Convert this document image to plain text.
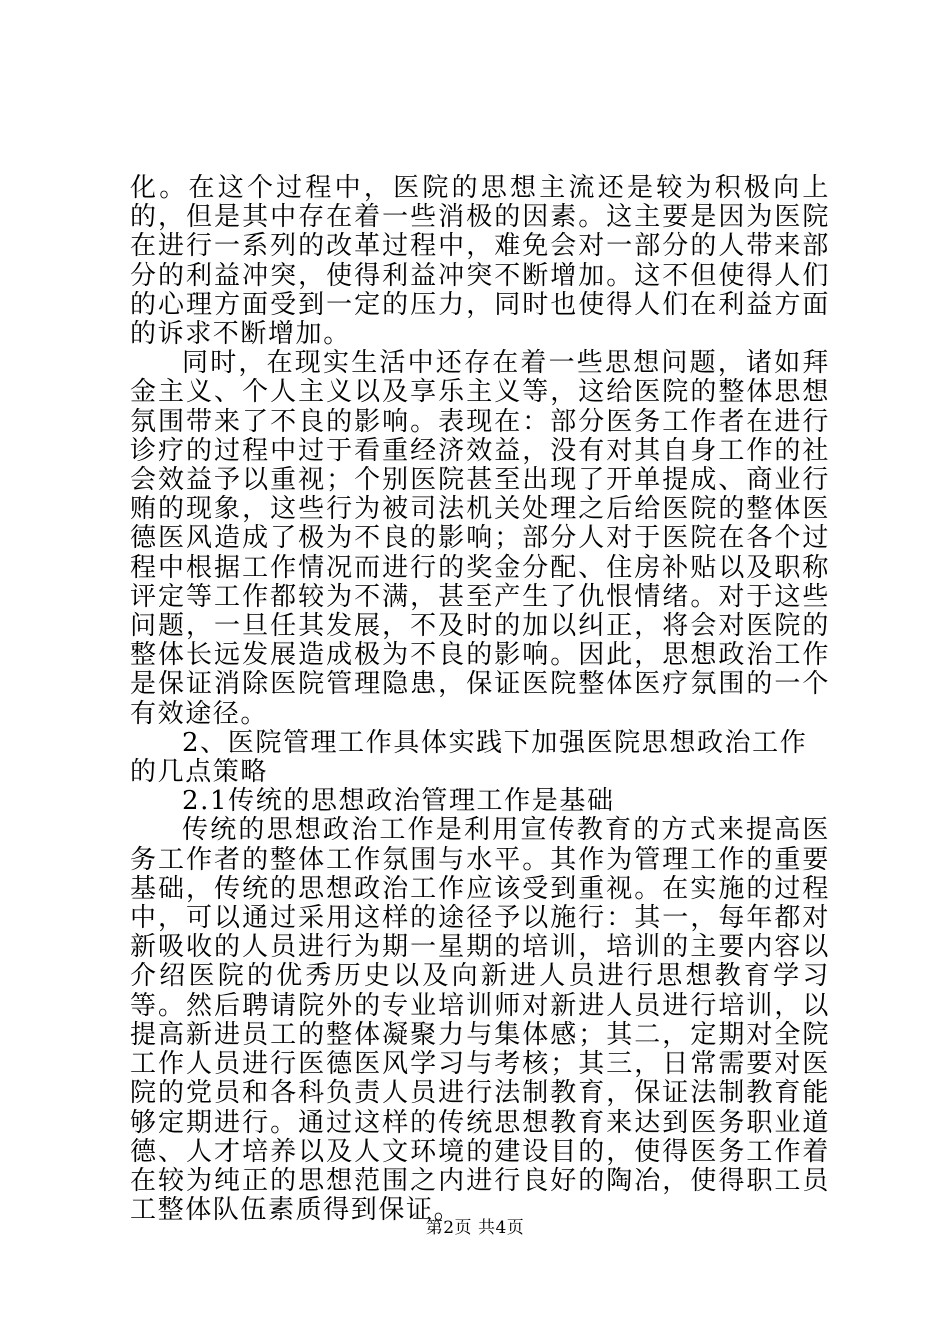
化。在这个过程中，医院的思想主流还是较为积极向上的，但是其中存在着一些消极的因素。这主要是因为医院在进行一系列的改革过程中，难免会对一部分的人带来部分的利益冲突，使得利益冲突不断增加。这不但使得人们的心理方面受到一定的压力，同时也使得人们在利益方面的诉求不断增加。

同时，在现实生活中还存在着一些思想问题，诸如拜金主义、个人主义以及享乐主义等，这给医院的整体思想氛围带来了不良的影响。表现在：部分医务工作者在进行诊疗的过程中过于看重经济效益，没有对其自身工作的社会效益予以重视；个别医院甚至出现了开单提成、商业行贿的现象，这些行为被司法机关处理之后给医院的整体医德医风造成了极为不良的影响；部分人对于医院在各个过程中根据工作情况而进行的奖金分配、住房补贴以及职称评定等工作都较为不满，甚至产生了仇恨情绪。对于这些问题，一旦任其发展，不及时的加以纠正，将会对医院的整体长远发展造成极为不良的影响。因此，思想政治工作是保证消除医院管理隐患，保证医院整体医疗氛围的一个有效途径。

2、医院管理工作具体实践下加强医院思想政治工作的几点策略

2.1传统的思想政治管理工作是基础

传统的思想政治工作是利用宣传教育的方式来提高医务工作者的整体工作氛围与水平。其作为管理工作的重要基础，传统的思想政治工作应该受到重视。在实施的过程中，可以通过采用这样的途径予以施行：其一，每年都对新吸收的人员进行为期一星期的培训，培训的主要内容以介绍医院的优秀历史以及向新进人员进行思想教育学习等。然后聘请院外的专业培训师对新进人员进行培训，以提高新进员工的整体凝聚力与集体感；其二，定期对全院工作人员进行医德医风学习与考核；其三，日常需要对医院的党员和各科负责人员进行法制教育，保证法制教育能够定期进行。通过这样的传统思想教育来达到医务职业道德、人才培养以及人文环境的建设目的，使得医务工作着在较为纯正的思想范围之内进行良好的陶冶，使得职工员工整体队伍素质得到保证。

第2页 共4页
